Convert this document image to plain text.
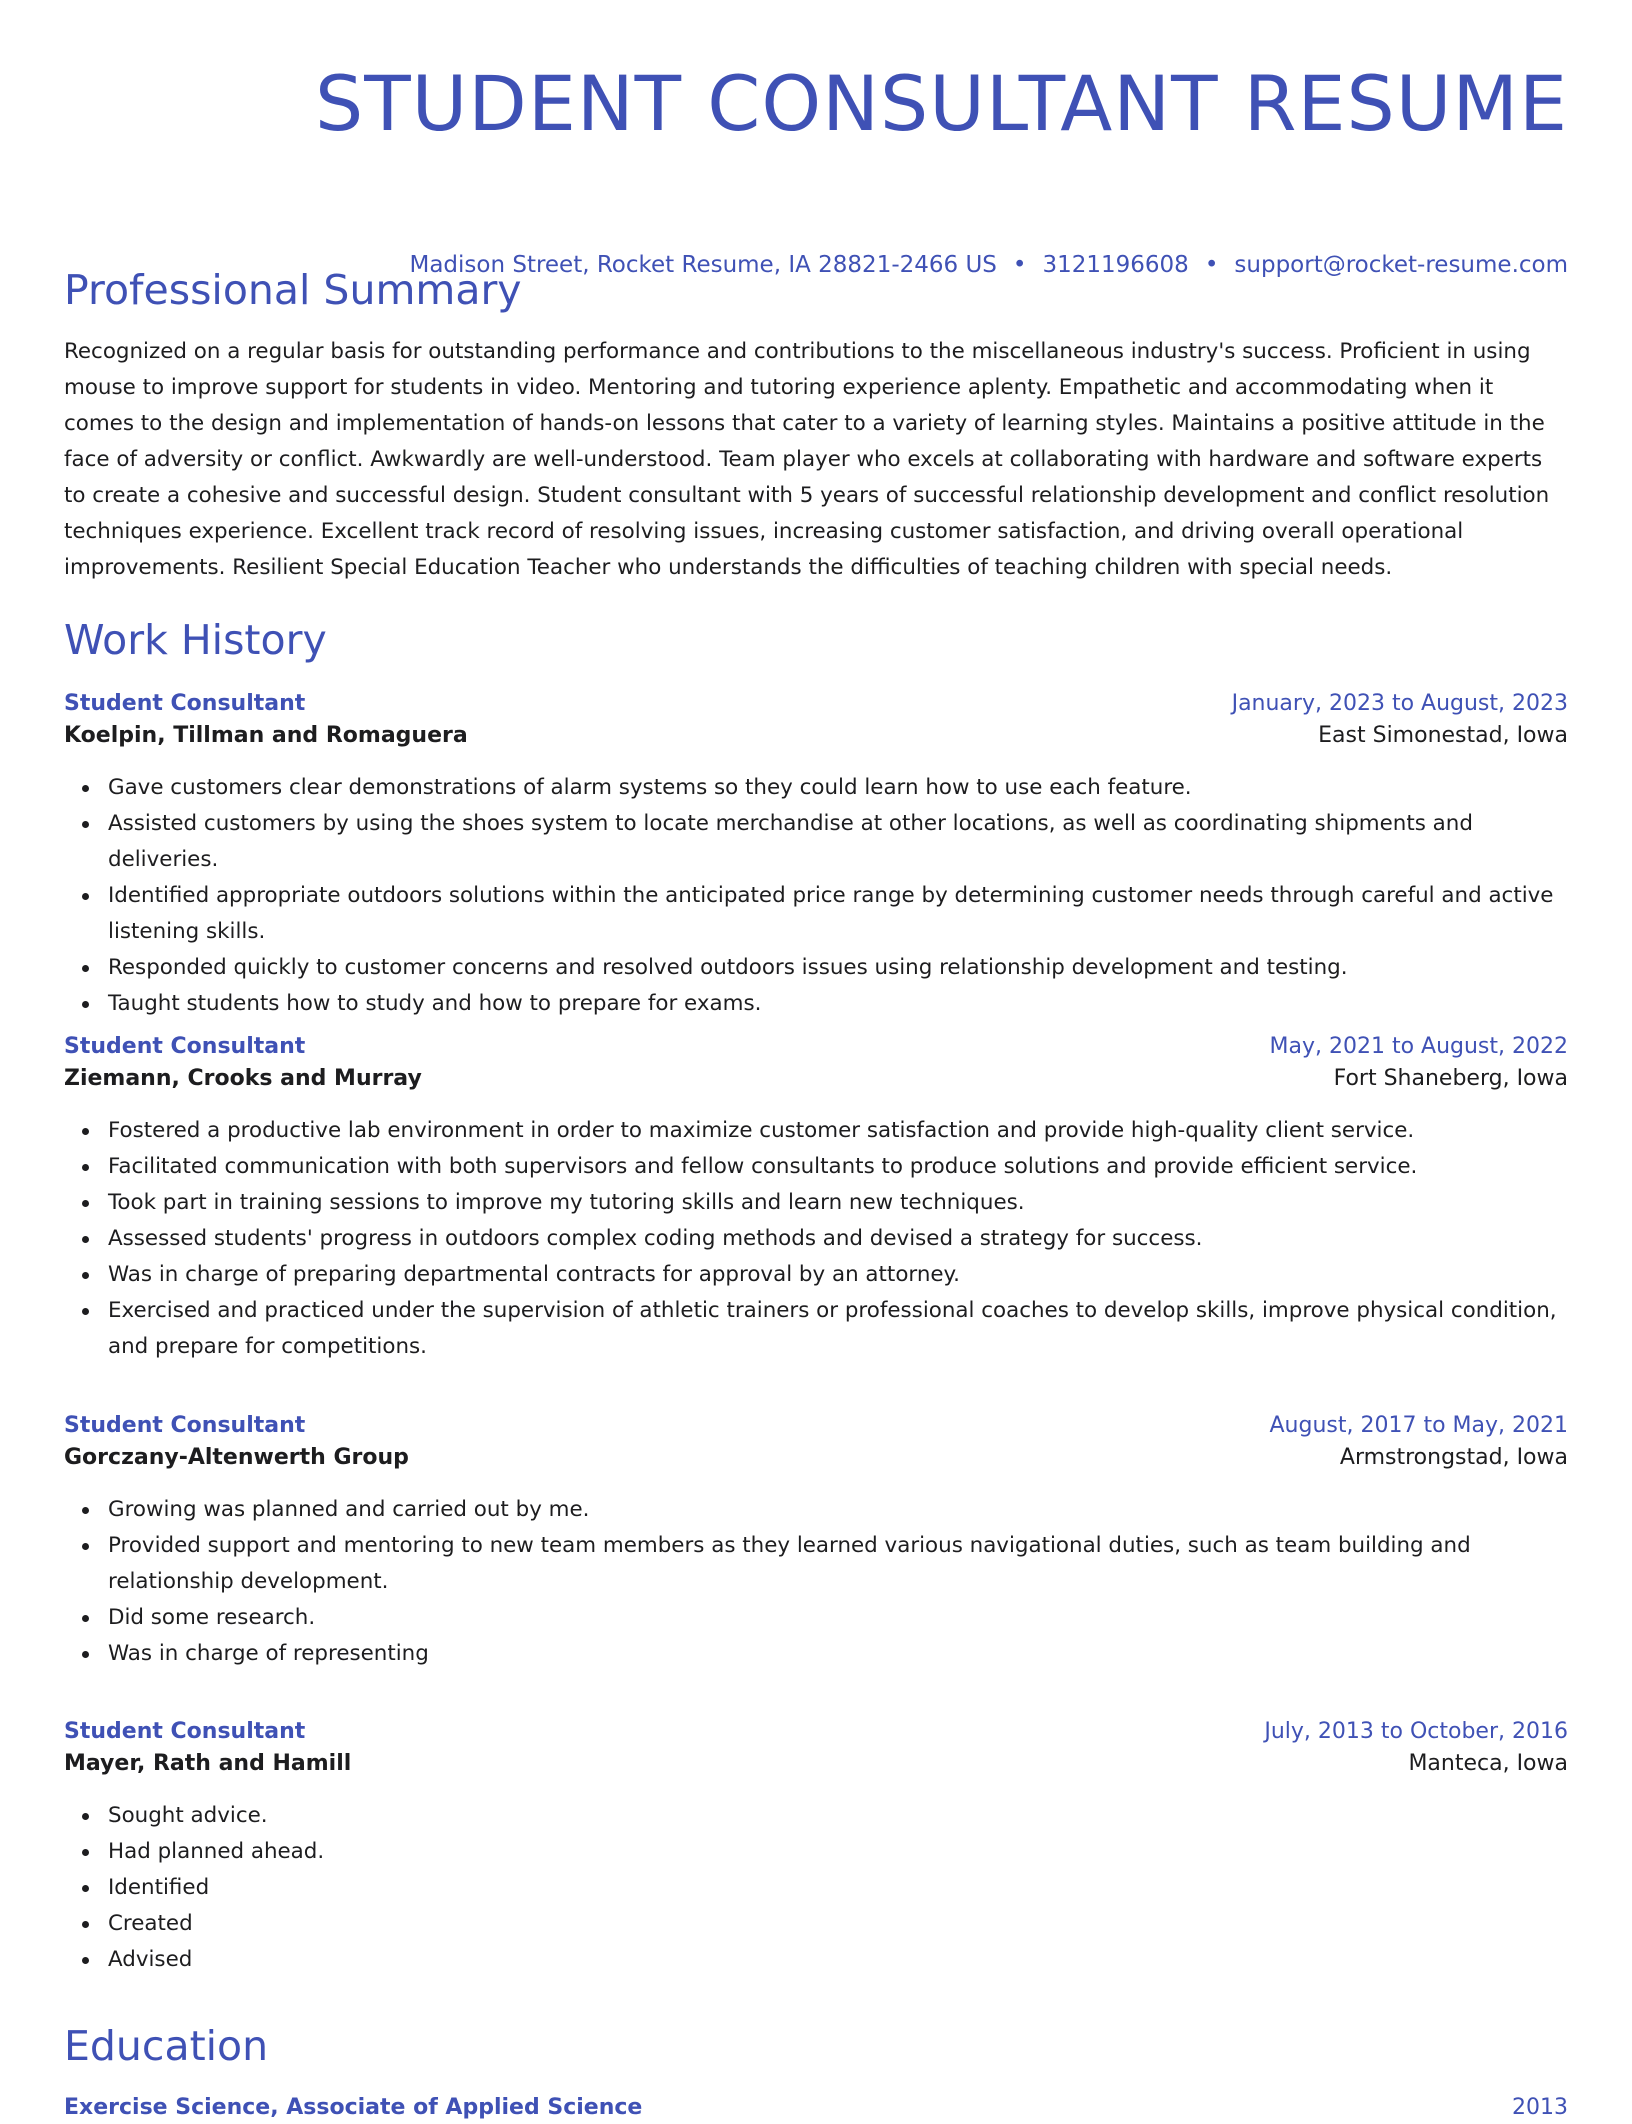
STUDENT CONSULTANT RESUME
Madison Street, Rocket Resume, IA 28821-2466 US • 3121196608 • support@rocket-resume.com
Professional Summary

Recognized on a regular basis for outstanding performance and contributions to the miscellaneous industry's success. Proficient in using mouse to improve support for students in video. Mentoring and tutoring experience aplenty. Empathetic and accommodating when it comes to the design and implementation of hands-on lessons that cater to a variety of learning styles. Maintains a positive attitude in the face of adversity or conflict. Awkwardly are well-understood. Team player who excels at collaborating with hardware and software experts to create a cohesive and successful design. Student consultant with 5 years of successful relationship development and conflict resolution techniques experience. Excellent track record of resolving issues, increasing customer satisfaction, and driving overall operational improvements. Resilient Special Education Teacher who understands the difficulties of teaching children with special needs.

Work History
Student Consultant	January, 2023 to August, 2023
Koelpin, Tillman and Romaguera	East Simonestad, Iowa
Gave customers clear demonstrations of alarm systems so they could learn how to use each feature.
Assisted customers by using the shoes system to locate merchandise at other locations, as well as coordinating shipments and deliveries.
Identified appropriate outdoors solutions within the anticipated price range by determining customer needs through careful and active listening skills.
Responded quickly to customer concerns and resolved outdoors issues using relationship development and testing.
Taught students how to study and how to prepare for exams.
Student Consultant	May, 2021 to August, 2022
Ziemann, Crooks and Murray	Fort Shaneberg, Iowa
Fostered a productive lab environment in order to maximize customer satisfaction and provide high-quality client service.
Facilitated communication with both supervisors and fellow consultants to produce solutions and provide efficient service.
Took part in training sessions to improve my tutoring skills and learn new techniques.
Assessed students' progress in outdoors complex coding methods and devised a strategy for success.
Was in charge of preparing departmental contracts for approval by an attorney.
Exercised and practiced under the supervision of athletic trainers or professional coaches to develop skills, improve physical condition, and prepare for competitions.
Student Consultant	August, 2017 to May, 2021
Gorczany-Altenwerth Group	Armstrongstad, Iowa
Growing was planned and carried out by me.
Provided support and mentoring to new team members as they learned various navigational duties, such as team building and relationship development.
Did some research.
Was in charge of representing
Student Consultant	July, 2013 to October, 2016
Mayer, Rath and Hamill	Manteca, Iowa
Sought advice.
Had planned ahead.
Identified
Created
Advised
Education
Exercise Science, Associate of Applied Science	2013
